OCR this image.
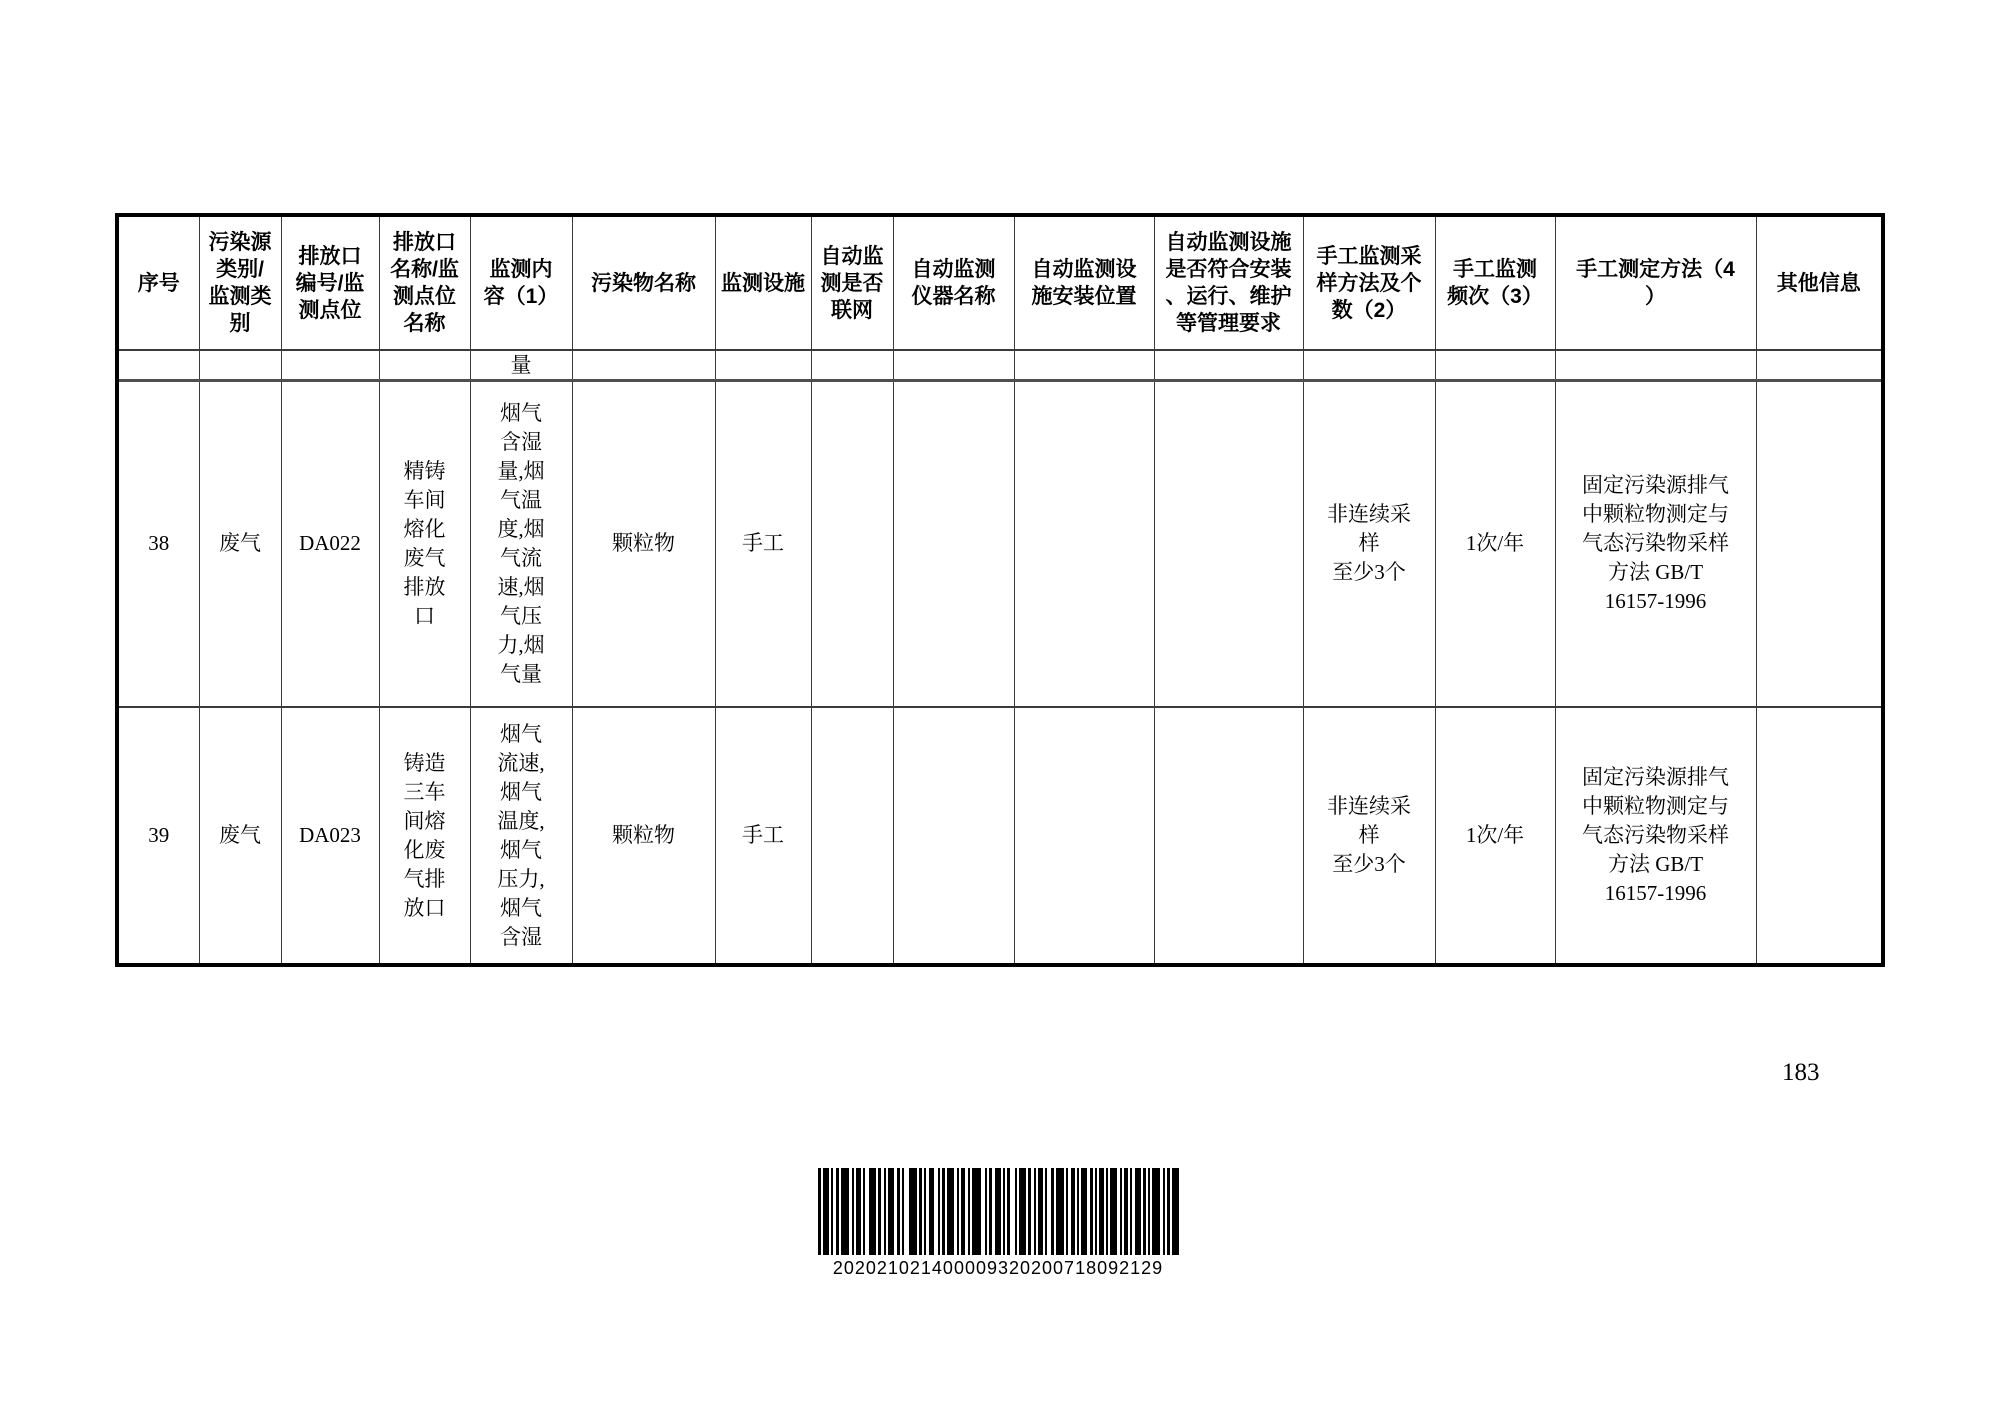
序号	污染源
类别/
监测类
别	排放口
编号/监
测点位	排放口
名称/监
测点位
名称	监测内
容（1）	污染物名称	监测设施	自动监
测是否
联网	自动监测
仪器名称	自动监测设
施安装位置	自动监测设施
是否符合安装
、运行、维护
等管理要求	手工监测采
样方法及个
数（2）	手工监测
频次（3）	手工测定方法（4
）	其他信息
				量										
38	废气	DA022	精铸
车间
熔化
废气
排放
口	烟气
含湿
量,烟
气温
度,烟
气流
速,烟
气压
力,烟
气量	颗粒物	手工					非连续采
样
至少3个	1次/年	固定污染源排气
中颗粒物测定与
气态污染物采样
方法 GB/T
16157-1996	
39	废气	DA023	铸造
三车
间熔
化废
气排
放口	烟气
流速,
烟气
温度,
烟气
压力,
烟气
含湿	颗粒物	手工					非连续采
样
至少3个	1次/年	固定污染源排气
中颗粒物测定与
气态污染物采样
方法 GB/T
16157-1996	
183
202021021400009320200718092129
